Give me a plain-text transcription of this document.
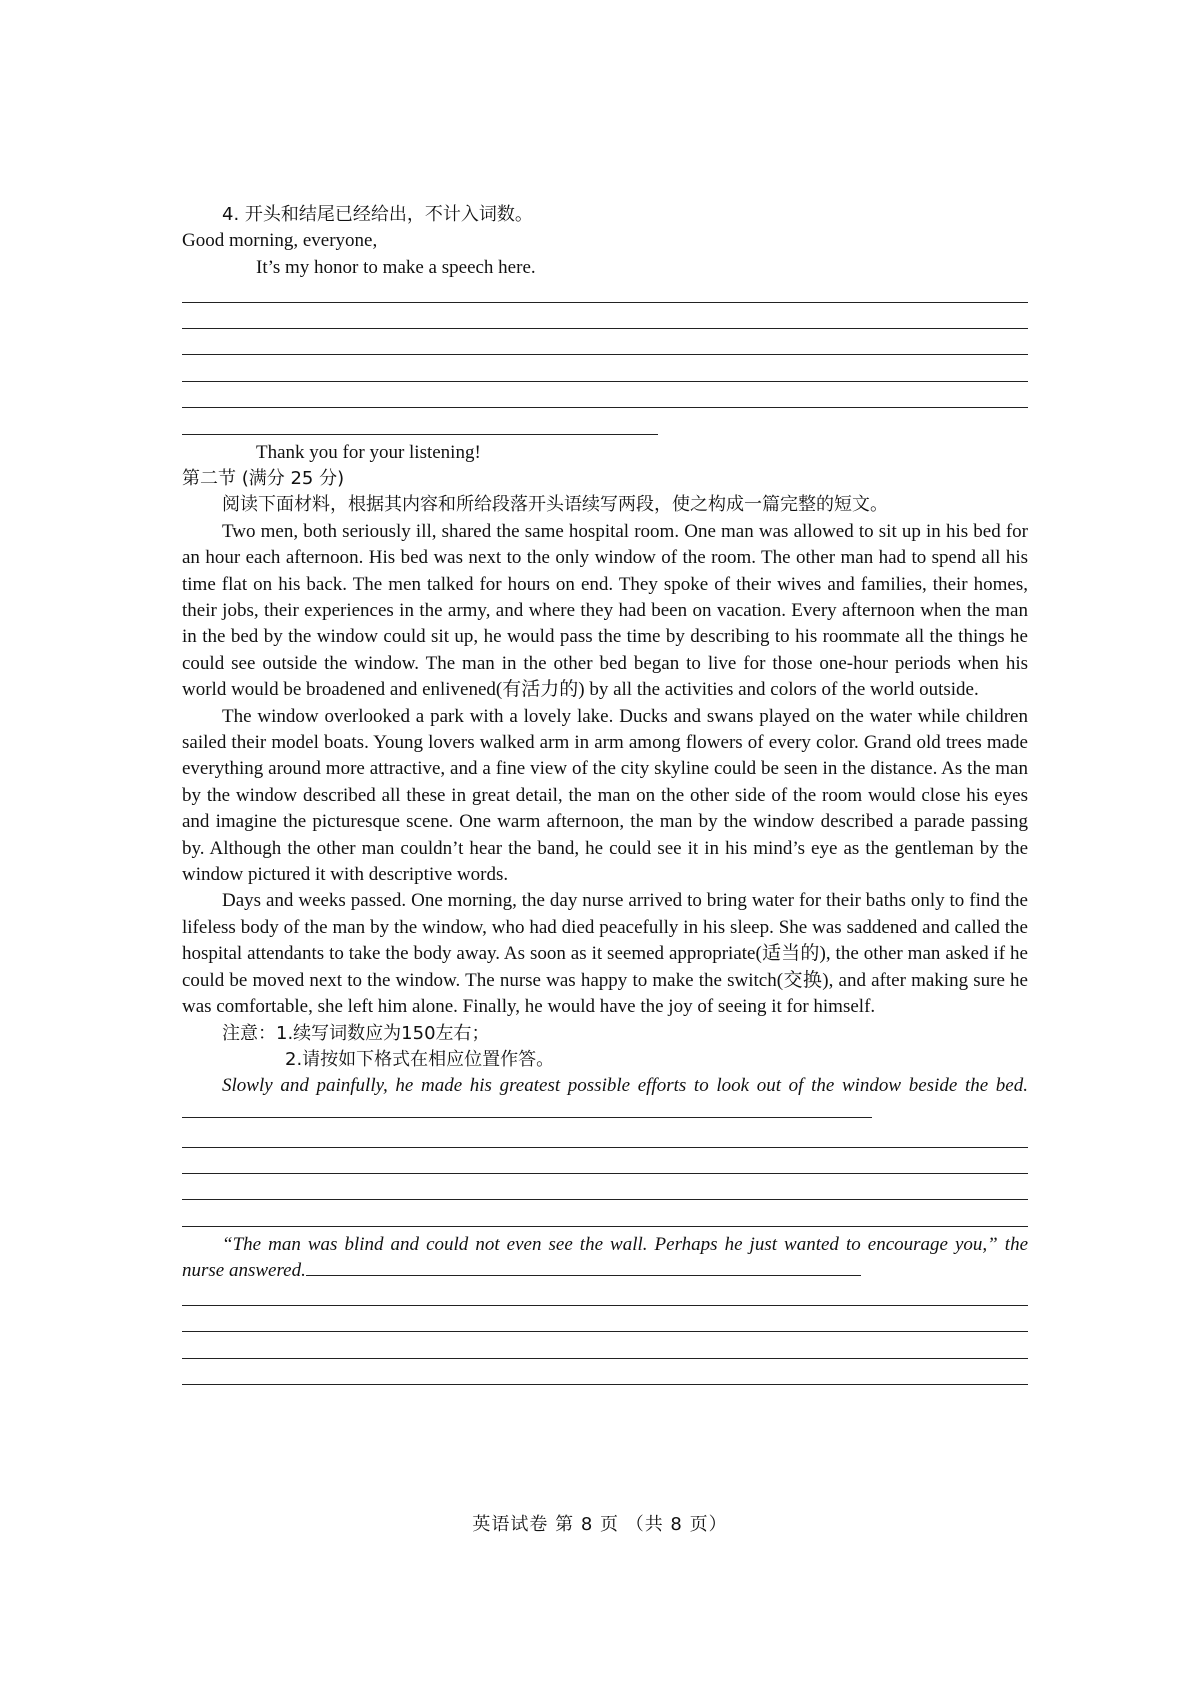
4. 开头和结尾已经给出，不计入词数。
Good morning, everyone,
It’s my honor to make a speech here.
Thank you for your listening!
第二节 (满分 25 分)
阅读下面材料，根据其内容和所给段落开头语续写两段，使之构成一篇完整的短文。
Two men, both seriously ill, shared the same hospital room. One man was allowed to sit up in his bed for an hour each afternoon. His bed was next to the only window of the room. The other man had to spend all his time flat on his back. The men talked for hours on end. They spoke of their wives and families, their homes, their jobs, their experiences in the army, and where they had been on vacation. Every afternoon when the man in the bed by the window could sit up, he would pass the time by describing to his roommate all the things he could see outside the window. The man in the other bed began to live for those one-hour periods when his world would be broadened and enlivened(有活力的) by all the activities and colors of the world outside.
The window overlooked a park with a lovely lake. Ducks and swans played on the water while children sailed their model boats. Young lovers walked arm in arm among flowers of every color. Grand old trees made everything around more attractive, and a fine view of the city skyline could be seen in the distance. As the man by the window described all these in great detail, the man on the other side of the room would close his eyes and imagine the picturesque scene. One warm afternoon, the man by the window described a parade passing by. Although the other man couldn’t hear the band, he could see it in his mind’s eye as the gentleman by the window pictured it with descriptive words.
Days and weeks passed. One morning, the day nurse arrived to bring water for their baths only to find the lifeless body of the man by the window, who had died peacefully in his sleep. She was saddened and called the hospital attendants to take the body away. As soon as it seemed appropriate(适当的), the other man asked if he could be moved next to the window. The nurse was happy to make the switch(交换), and after making sure he was comfortable, she left him alone. Finally, he would have the joy of seeing it for himself.
注意：1.续写词数应为150左右；
2.请按如下格式在相应位置作答。
Slowly and painfully, he made his greatest possible efforts to look out of the window beside the bed.
“The man was blind and could not even see the wall. Perhaps he just wanted to encourage you,” the nurse answered.
英语试卷 第 8 页 （共 8 页）
